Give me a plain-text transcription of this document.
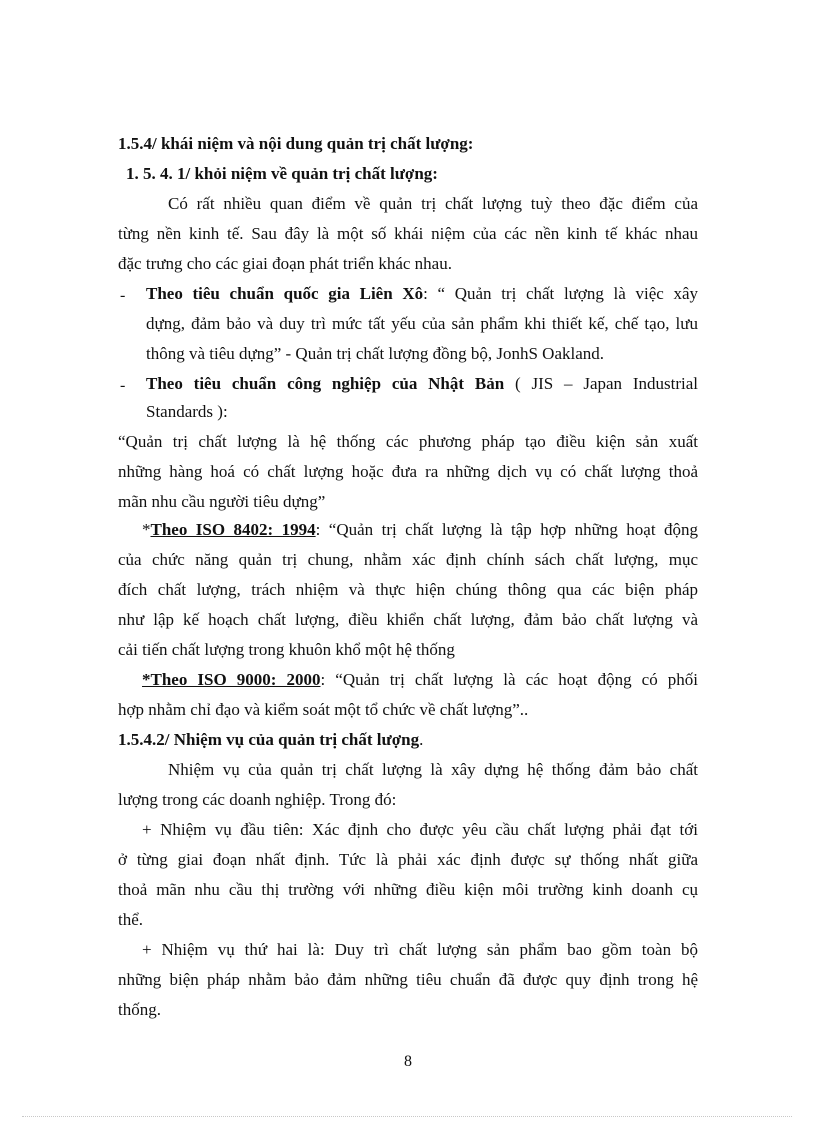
1.5.4/ khái niệm và nội dung quản trị chất lượng:
1. 5. 4. 1/ khỏi niệm về quản trị chất lượng:
Có rất nhiều quan điểm về quản trị chất lượng tuỳ theo đặc điểm của
từng nền kinh tế. Sau đây là một số khái niệm của các nền kinh tế khác nhau
đặc trưng cho các giai đoạn phát triển khác nhau.
- Theo tiêu chuẩn quốc gia Liên Xô: “ Quản trị chất lượng là việc xây
dựng, đảm bảo và duy trì mức tất yếu của sản phẩm khi thiết kế, chế tạo, lưu
thông và tiêu dựng” - Quản trị chất lượng đồng bộ, JonhS Oakland.
- Theo tiêu chuẩn công nghiệp của Nhật Bản ( JIS – Japan Industrial
Standards ):
“Quản trị chất lượng là hệ thống các phương pháp tạo điều kiện sản xuất
những hàng hoá có chất lượng hoặc đưa ra những dịch vụ có chất lượng thoả
mãn nhu cầu người tiêu dựng”
*Theo ISO 8402: 1994: “Quản trị chất lượng là tập hợp những hoạt động
của chức năng quản trị chung, nhằm xác định chính sách chất lượng, mục
đích chất lượng, trách nhiệm và thực hiện chúng thông qua các biện pháp
như lập kế hoạch chất lượng, điều khiển chất lượng, đảm bảo chất lượng và
cải tiến chất lượng trong khuôn khổ một hệ thống
*Theo ISO 9000: 2000: “Quản trị chất lượng là các hoạt động có phối
hợp nhằm chỉ đạo và kiểm soát một tổ chức về chất lượng”..
1.5.4.2/ Nhiệm vụ của quản trị chất lượng.
Nhiệm vụ của quản trị chất lượng là xây dựng hệ thống đảm bảo chất
lượng trong các doanh nghiệp. Trong đó:
+ Nhiệm vụ đầu tiên: Xác định cho được yêu cầu chất lượng phải đạt tới
ở từng giai đoạn nhất định. Tức là phải xác định được sự thống nhất giữa
thoả mãn nhu cầu thị trường với những điều kiện môi trường kinh doanh cụ
thể.
+ Nhiệm vụ thứ hai là: Duy trì chất lượng sản phẩm bao gồm toàn bộ
những biện pháp nhằm bảo đảm những tiêu chuẩn đã được quy định trong hệ
thống.
8
